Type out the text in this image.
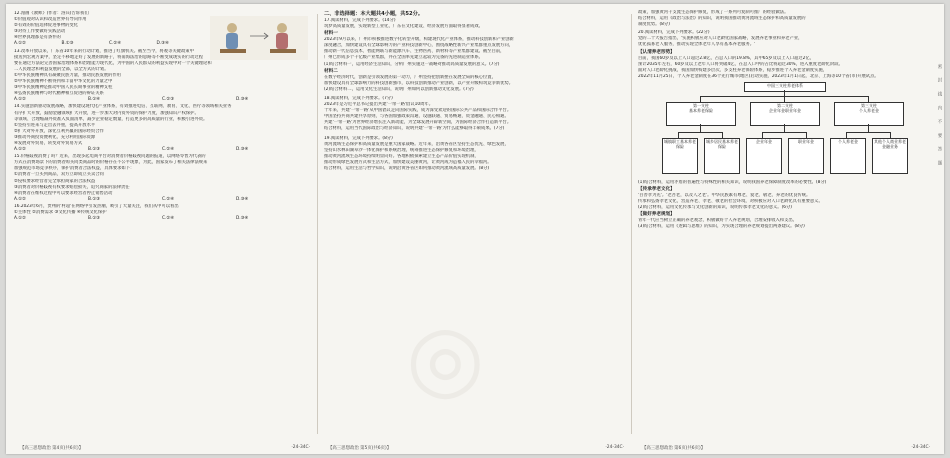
◎
12.漫画《教师》(作者：洛宾)告诉我们
①价值观对认识和改造世界有导向作用
②有效的价值选择促进事物的变化
③对待工作要做好实践活动
④世界真理都是有条件的
A.①②	B.①③	C.②④	D.③④
13.改革开放以来，广东省10年来的行动计划，推进了红旗机关。截至当今，将观等关键政策中
接送到宏观方案中，坚定不移地走好了发展的新路子，将南海法治的思路等不断变成现实的行动过程
要在通过方法论完善国家治理体系和治理能力现代化，为中国的人民群众的利益实现中对一个关键理论和
二人民理念和利益发展的全部，以全方式的计划。
①中华民族精神具有凝聚民族力量，推动民族发展的作用
②中华民族精神不断得到和丰富中华文化的力量之中
③中华民族精神是推动中国人民长期事业的精神支柱
④弘扬民族精神与时代精神相互促进的辩证关系
A.①②	B.①④	C.②③	D.③④
14.实施创新驱动发展战略，加快建设现代化产业体系，有效推进电信、互联网、教育、文化、医疗等领域相关业务
有序扩大开放，鼓励金融领域扩大开放，进一步加大对内资外资的保护力度，加强知识产权保护。
等领域、合理缩减外资准入负面清单，减少企业稳定数量，打造更多的高质量的行业，积极引进外资。
①坚持引进来与走出去并重，提高开放水平
②扩大对外开放，深化互利共赢的国际经贸合作
③推动外商投资便利化，充分利用国际资源
④发展对外贸易，转变对外贸易方式
A.①②	B.①③	C.②④	D.③④
15.价格歧视消费了吗？近来，出现多起电商平台对消费者价格歧视问题的报道，以网络零售为代表的
方式在消费场景下的消费者购买同类商品时的价格存在不公平现象，为此，国家发布了相关法律法规来
加强规范市场竞争秩序，保护消费者合法权益，具体要求如下：
①消费者一旦买到商品，双方立即成立买卖合同
②侵权要求经营者完全承担商家的合法权益
③消费者对价格歧视有权要求赔偿损失，追究商家的法律责任
④消费者在维权过程中可以要求经营者停止销售活动
A.①②	B.①③	C.②④	D.③④
16.2023年6月，贵州的'村超'在网络中引发热潮，吸引了大量关注，我们从中可以看出
①主体性 ②消费需求 ③文化传播 ④传统文化保护
A.①②	B.①③	C.②④	D.③④
二、非选择题：本大题共4小题，共52分。
17.阅读材料，完成下列要求。(14分)
筑梦高质量发展，实现新型工业化，广东在文化建设、经济发展方面取得显著成效。
材料一
2023年9月以来，广州市积极推进数字化转型升级，构建现代化产业体系，推动科技创新和产业创新
深度融合，加快建设具有全球影响力的产业科技创新中心，围绕战略性新兴产业集群重点发展方向，
推动新一代信息技术、智能网联与新能源汽车、生物医药、新材料等产业集群建设。截至目前，
广州已形成多个千亿级产业集群，并在全国率先建立起较为完备的先进制造业体系。
(1)结合材料一，运用经济生活知识，分析广州实施这一战略对推动高质量发展的意义。(7分)
材料二
在数字经济时代，创新是引领发展的第一动力，广州坚持把创新摆在发展全局的核心位置，
加快建设具有全球影响力的科技创新强市，以科技创新推动产业创新，以产业升级构筑竞争新优势。
(2)结合材料二，运用文化生活知识，说明广州如何以创新推动文化发展。(7分)
18.阅读材料，完成下列要求。(7分)
2023年是习近平总书记提出共建'一带一路'倡议10周年。
十年来，共建'一带一路'从中国倡议走向国际实践，成为深受欢迎的国际公共产品和国际合作平台。
中国坚持共商共建共享原则，与各国加强政策沟通、设施联通、贸易畅通、资金融通、民心相通。
共建'一带一路'为世界经济增长注入新动能，为全球发展开辟新空间，为国际经济合作打造新平台。
结合材料，运用当代国际政治与经济知识，说明共建'一带一路'为什么能够取得丰硕成果。(7分)
19.阅读材料，完成下列要求。(8分)
黄河流域生态保护和高质量发展是重大国家战略。近年来，沿黄各省区坚持生态优先、绿色发展，
坚持山水林田湖草沙一体化保护和系统治理，统筹推进生态保护修复和环境治理，
推动黄河流域生态环境持续明显向好。各地积极探索建立生态产品价值实现机制，
推动形成绿色发展方式和生活方式，加快建设美丽黄河，让黄河成为造福人民的幸福河。
结合材料，运用生活与哲学知识，说明沿黄各省区如何推动黄河流域高质量发展。(8分)
政策，加强黄河干支流生态保护修复，形成了一系列可复制可推广的经验做法。
结合材料，运用《政治与法治》的知识，说明我国推动黄河流域生态保护和高质量发展的
制度优势。(8分)
20.阅读材料，完成下列要求。(22分)
党的二十大报告指出，'实施积极应对人口老龄化国家战略，发展养老事业和养老产业，
优化孤寡老人服务，推动实现全体老年人享有基本养老服务。'
【认清养老形势】
目前，我国60岁及以上人口超过2.8亿，占总人口的19.8%，其中65岁及以上人口超过2亿，
预计2035年左右，60岁及以上老年人口将突破4亿，在总人口中的占比将超过30%，进入重度老龄化阶段。
面对人口老龄化挑战，我国加快构建多层次、多支柱养老保险体系，稳步推进个人养老金制度实施，
2022年11月25日，个人养老金制度在36个先行城市(地区)启动实施，2023年1月1日起，北京、上海等10个省(市)开展试点。
中国三支柱养老体系
第一支柱
基本养老保险
第二支柱
企业年金职业年金
第三支柱
个人养老金
城镇职工基本养老保险
城乡居民基本养老保险
企业年金	职业年金	个人养老金	其他个人商业养老金融业务
(1)结合材料，运用矛盾的普遍性与特殊性的相关知识，说明我国养老保障制度改革的必要性。(8分)
【传承孝老文化】
'百善孝为先'。'老吾老，以及人之老'。中华民族素有尊老、爱老、敬老、养老的优良传统。
传承和弘扬孝老文化，营造养老、孝老、敬老的社会环境，对积极应对人口老龄化具有重要意义。
(2)结合材料，运用文化传承与文化创新的知识，说明传承孝老文化的意义。(6分)
【做好养老规划】
青年一代应当树立正确的养老观念，积极做好个人养老规划，合理安排收入和支出。
(3)结合材料，运用《逻辑与思维》的知识，为实现合理的养老规划提出两条建议。(8分)
密 封 线 内 不 要 答 题
【高三思想政治 第4页(共6页)】	·24-34C·	【高三思想政治 第5页(共6页)】	·24-34C·	【高三思想政治 第6页(共6页)】	·24-34C·
